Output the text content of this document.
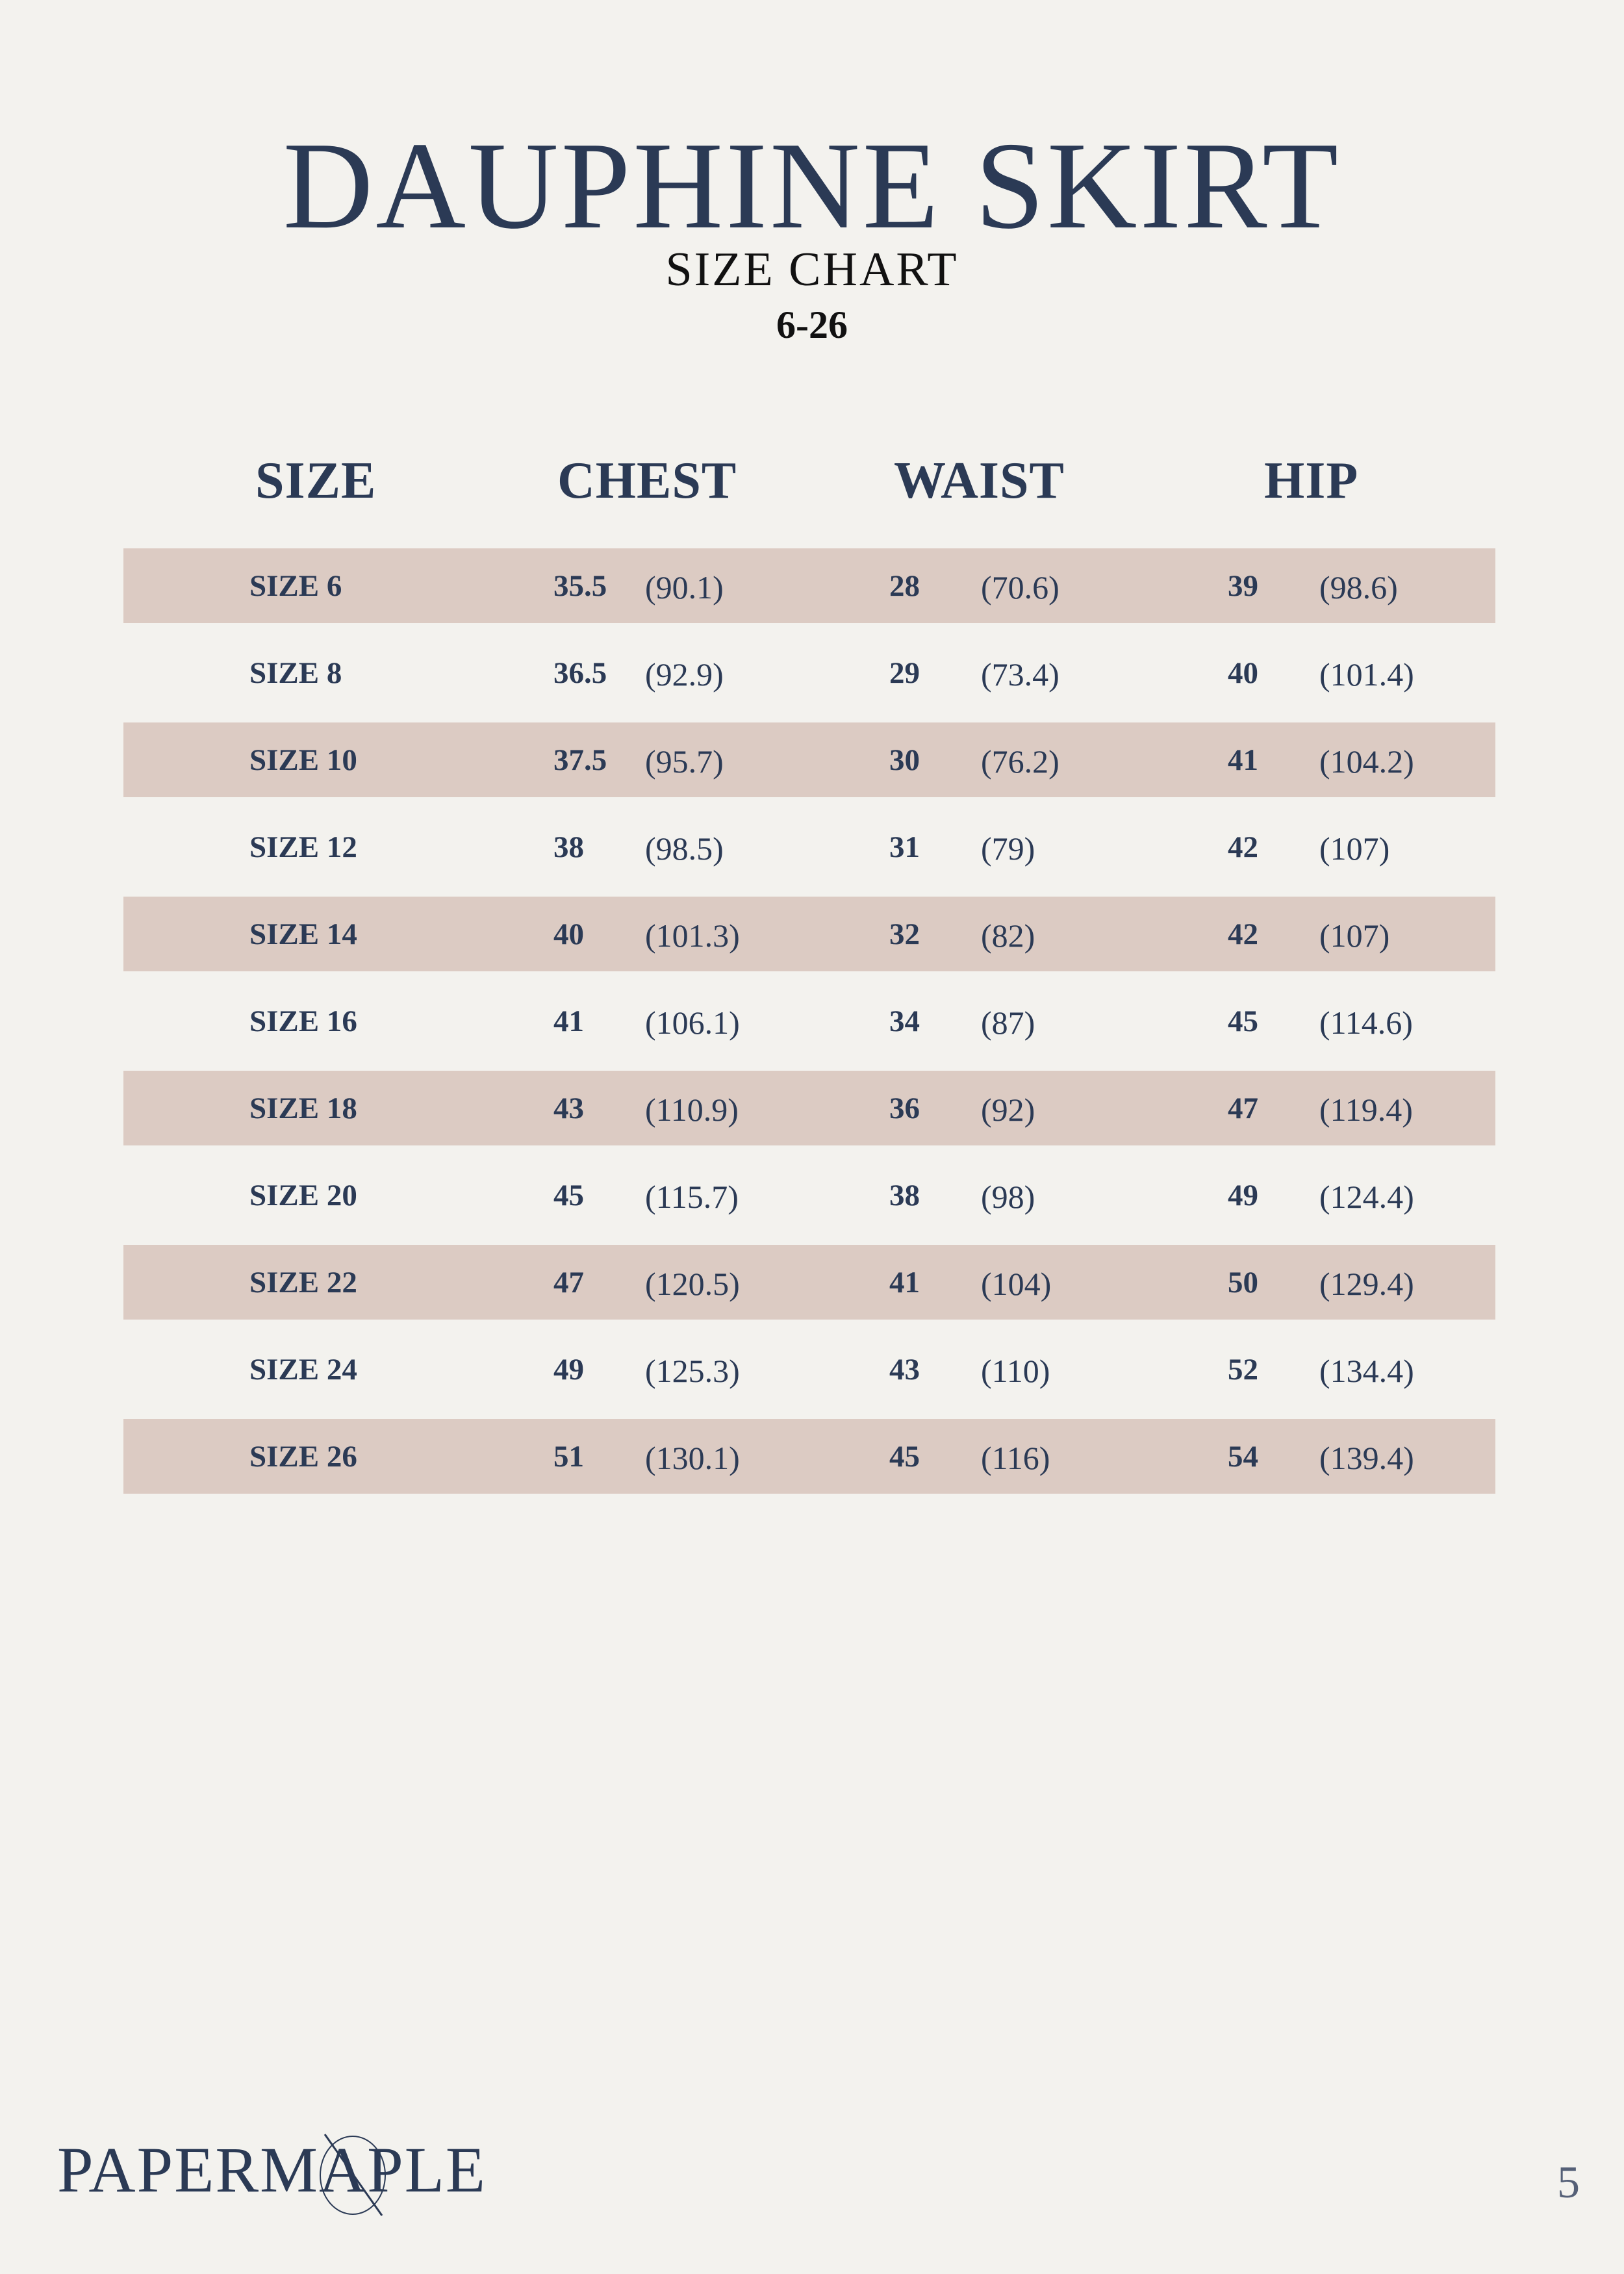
DAUPHINE SKIRT
SIZE CHART
6-26
SIZE	CHEST	WAIST	HIP
SIZE 6	35.5 (90.1)	28 (70.6)	39 (98.6)
SIZE 8	36.5 (92.9)	29 (73.4)	40 (101.4)
SIZE 10	37.5 (95.7)	30 (76.2)	41 (104.2)
SIZE 12	38 (98.5)	31 (79)	42 (107)
SIZE 14	40 (101.3)	32 (82)	42 (107)
SIZE 16	41 (106.1)	34 (87)	45 (114.6)
SIZE 18	43 (110.9)	36 (92)	47 (119.4)
SIZE 20	45 (115.7)	38 (98)	49 (124.4)
SIZE 22	47 (120.5)	41 (104)	50 (129.4)
SIZE 24	49 (125.3)	43 (110)	52 (134.4)
SIZE 26	51 (130.1)	45 (116)	54 (139.4)
PAPERMAPLE	5
